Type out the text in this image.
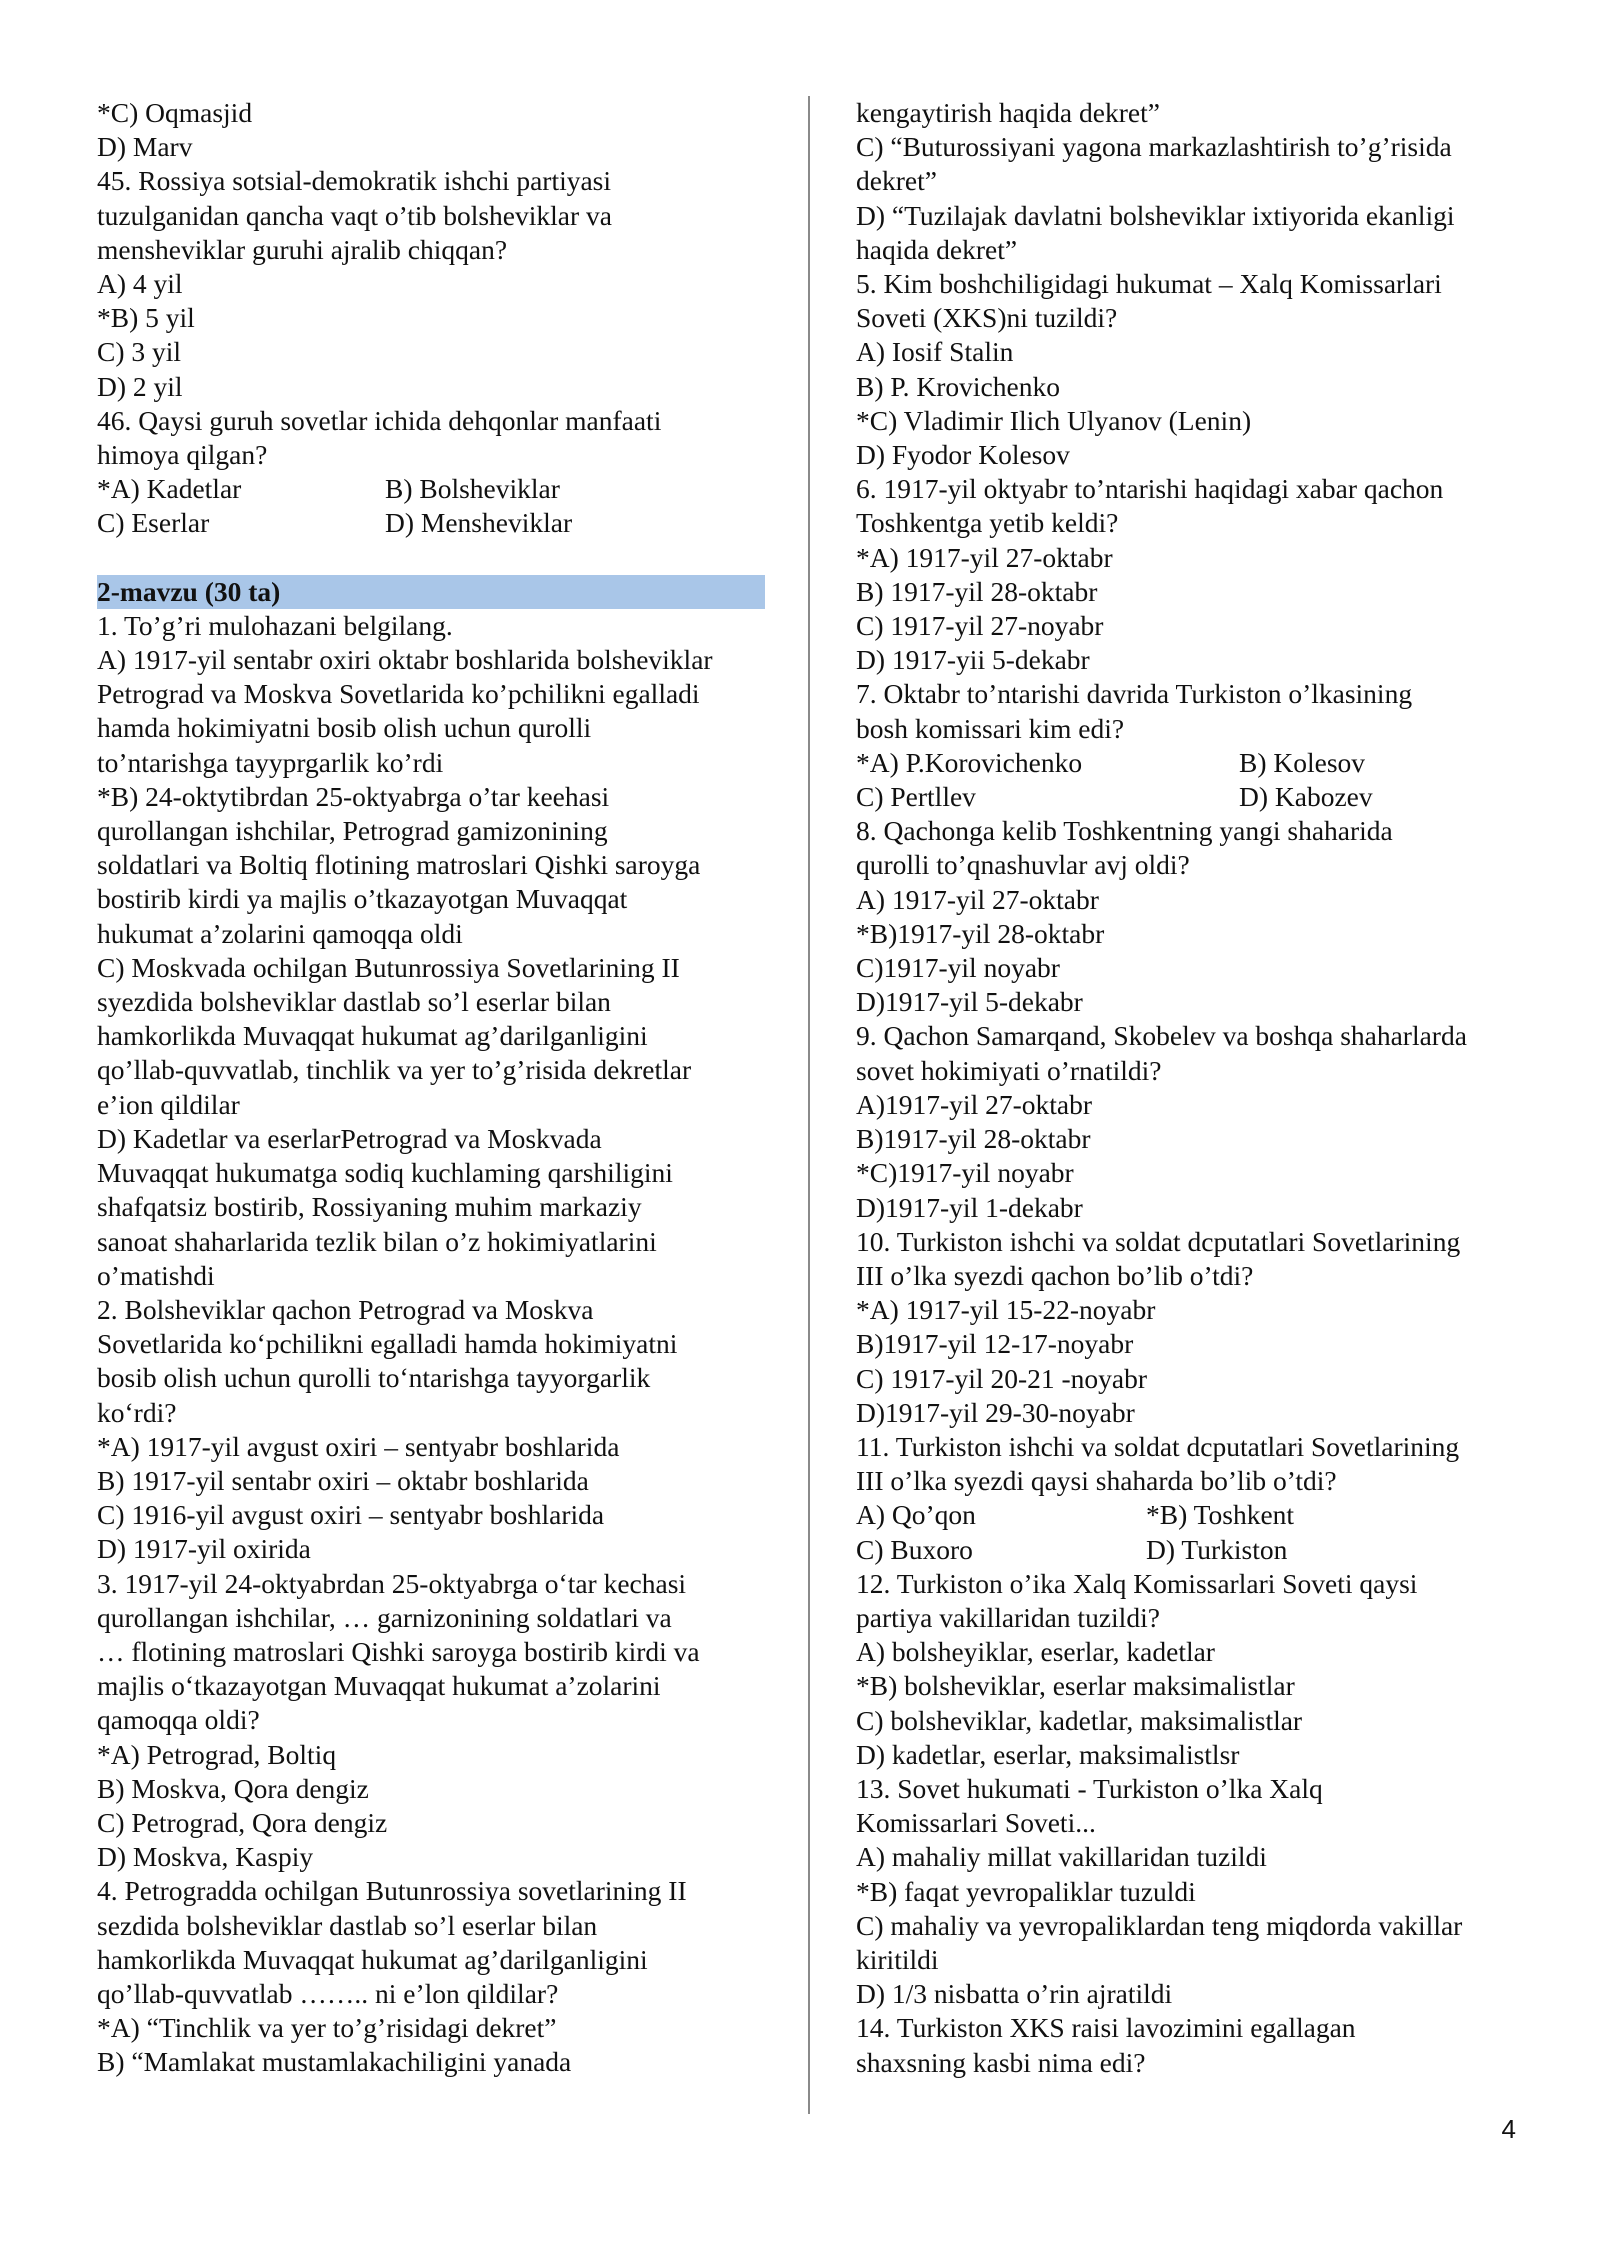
*C) Oqmasjid
D) Marv
45. Rossiya sotsial-demokratik ishchi partiyasi
tuzulganidan qancha vaqt o’tib bolsheviklar va
mensheviklar guruhi ajralib chiqqan?
A) 4 yil
*B) 5 yil
C) 3 yil
D) 2 yil
46. Qaysi guruh sovetlar ichida dehqonlar manfaati
himoya qilgan?
*A) Kadetlar	B) Bolsheviklar
C) Eserlar	D) Mensheviklar
2-mavzu (30 ta)
1. To’g’ri mulohazani belgilang.
A) 1917-yil sentabr oxiri oktabr boshlarida bolsheviklar
Petrograd va Moskva Sovetlarida ko’pchilikni egalladi
hamda hokimiyatni bosib olish uchun qurolli
to’ntarishga tayyprgarlik ko’rdi
*B) 24-oktytibrdan 25-oktyabrga o’tar keehasi
qurollangan ishchilar, Petrograd gamizonining
soldatlari va Boltiq flotining matroslari Qishki saroyga
bostirib kirdi ya majlis o’tkazayotgan Muvaqqat
hukumat a’zolarini qamoqqa oldi
C) Moskvada ochilgan Butunrossiya Sovetlarining II
syezdida bolsheviklar dastlab so’l eserlar bilan
hamkorlikda Muvaqqat hukumat ag’darilganligini
qo’llab-quvvatlab, tinchlik va yer to’g’risida dekretlar
e’ion qildilar
D) Kadetlar va eserlarPetrograd va Moskvada
Muvaqqat hukumatga sodiq kuchlaming qarshiligini
shafqatsiz bostirib, Rossiyaning muhim markaziy
sanoat shaharlarida tezlik bilan o’z hokimiyatlarini
o’matishdi
2. Bolsheviklar qachon Petrograd va Moskva
Sovetlarida ko‘pchilikni egalladi hamda hokimiyatni
bosib olish uchun qurolli to‘ntarishga tayyorgarlik
ko‘rdi?
*A) 1917-yil avgust oxiri – sentyabr boshlarida
B) 1917-yil sentabr oxiri – oktabr boshlarida
C) 1916-yil avgust oxiri – sentyabr boshlarida
D) 1917-yil oxirida
3. 1917-yil 24-oktyabrdan 25-oktyabrga o‘tar kechasi
qurollangan ishchilar, … garnizonining soldatlari va
… flotining matroslari Qishki saroyga bostirib kirdi va
majlis o‘tkazayotgan Muvaqqat hukumat a’zolarini
qamoqqa oldi?
*A) Petrograd, Boltiq
B) Moskva, Qora dengiz
C) Petrograd, Qora dengiz
D) Moskva, Kaspiy
4. Petrogradda ochilgan Butunrossiya sovetlarining II
sezdida bolsheviklar dastlab so’l eserlar bilan
hamkorlikda Muvaqqat hukumat ag’darilganligini
qo’llab-quvvatlab …….. ni e’lon qildilar?
*A) “Tinchlik va yer to’g’risidagi dekret”
B) “Mamlakat mustamlakachiligini yanada
kengaytirish haqida dekret”
C) “Buturossiyani yagona markazlashtirish to’g’risida
dekret”
D) “Tuzilajak davlatni bolsheviklar ixtiyorida ekanligi
haqida dekret”
5. Kim boshchiligidagi hukumat – Xalq Komissarlari
Soveti (XKS)ni tuzildi?
A) Iosif Stalin
B) P. Krovichenko
*C) Vladimir Ilich Ulyanov (Lenin)
D) Fyodor Kolesov
6. 1917-yil oktyabr to’ntarishi haqidagi xabar qachon
Toshkentga yetib keldi?
*A) 1917-yil 27-oktabr
B) 1917-yil 28-oktabr
C) 1917-yil 27-noyabr
D) 1917-yii 5-dekabr
7. Oktabr to’ntarishi davrida Turkiston o’lkasining
bosh komissari kim edi?
*A) P.Korovichenko	B) Kolesov
C) Pertllev	D) Kabozev
8. Qachonga kelib Toshkentning yangi shaharida
qurolli to’qnashuvlar avj oldi?
A) 1917-yil 27-oktabr
*B)1917-yil 28-oktabr
C)1917-yil noyabr
D)1917-yil 5-dekabr
9. Qachon Samarqand, Skobelev va boshqa shaharlarda
sovet hokimiyati o’rnatildi?
A)1917-yil 27-oktabr
B)1917-yil 28-oktabr
*C)1917-yil noyabr
D)1917-yil 1-dekabr
10. Turkiston ishchi va soldat dcputatlari Sovetlarining
III o’lka syezdi qachon bo’lib o’tdi?
*A) 1917-yil 15-22-noyabr
B)1917-yil 12-17-noyabr
C) 1917-yil 20-21 -noyabr
D)1917-yil 29-30-noyabr
11. Turkiston ishchi va soldat dcputatlari Sovetlarining
III o’lka syezdi qaysi shaharda bo’lib o’tdi?
A) Qo’qon	*B) Toshkent
C) Buxoro	D) Turkiston
12. Turkiston o’ika Xalq Komissarlari Soveti qaysi
partiya vakillaridan tuzildi?
A) bolsheyiklar, eserlar, kadetlar
*B) bolsheviklar, eserlar maksimalistlar
C) bolsheviklar, kadetlar, maksimalistlar
D) kadetlar, eserlar, maksimalistlsr
13. Sovet hukumati - Turkiston o’lka Xalq
Komissarlari Soveti...
A) mahaliy millat vakillaridan tuzildi
*B) faqat yevropaliklar tuzuldi
C) mahaliy va yevropaliklardan teng miqdorda vakillar
kiritildi
D) 1/3 nisbatta o’rin ajratildi
14. Turkiston XKS raisi lavozimini egallagan
shaxsning kasbi nima edi?
4
